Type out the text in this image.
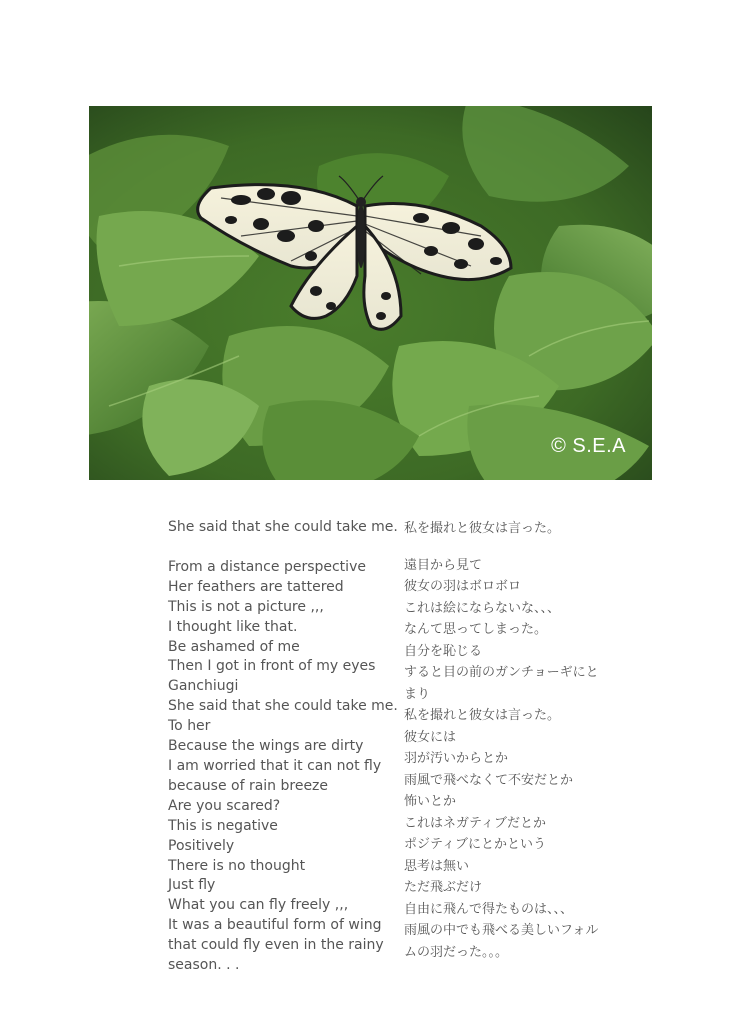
© S.E.A
She said that she could take me.
From a distance perspective
Her feathers are tattered
This is not a picture ,,,
I thought like that.
Be ashamed of me
Then I got in front of my eyes
Ganchiugi
She said that she could take me.
To her
Because the wings are dirty
I am worried that it can not fly
because of rain breeze
Are you scared?
This is negative
Positively
There is no thought
Just fly
What you can fly freely ,,,
It was a beautiful form of wing
that could fly even in the rainy
season. . .
私を撮れと彼女は言った。
遠目から見て
彼女の羽はボロボロ
これは絵にならないな、、、
なんて思ってしまった。
自分を恥じる
すると目の前のガンチョーギにと
まり
私を撮れと彼女は言った。
彼女には
羽が汚いからとか
雨風で飛べなくて不安だとか
怖いとか
これはネガティブだとか
ポジティブにとかという
思考は無い
ただ飛ぶだけ
自由に飛んで得たものは、、、
雨風の中でも飛べる美しいフォル
ムの羽だった。。。
